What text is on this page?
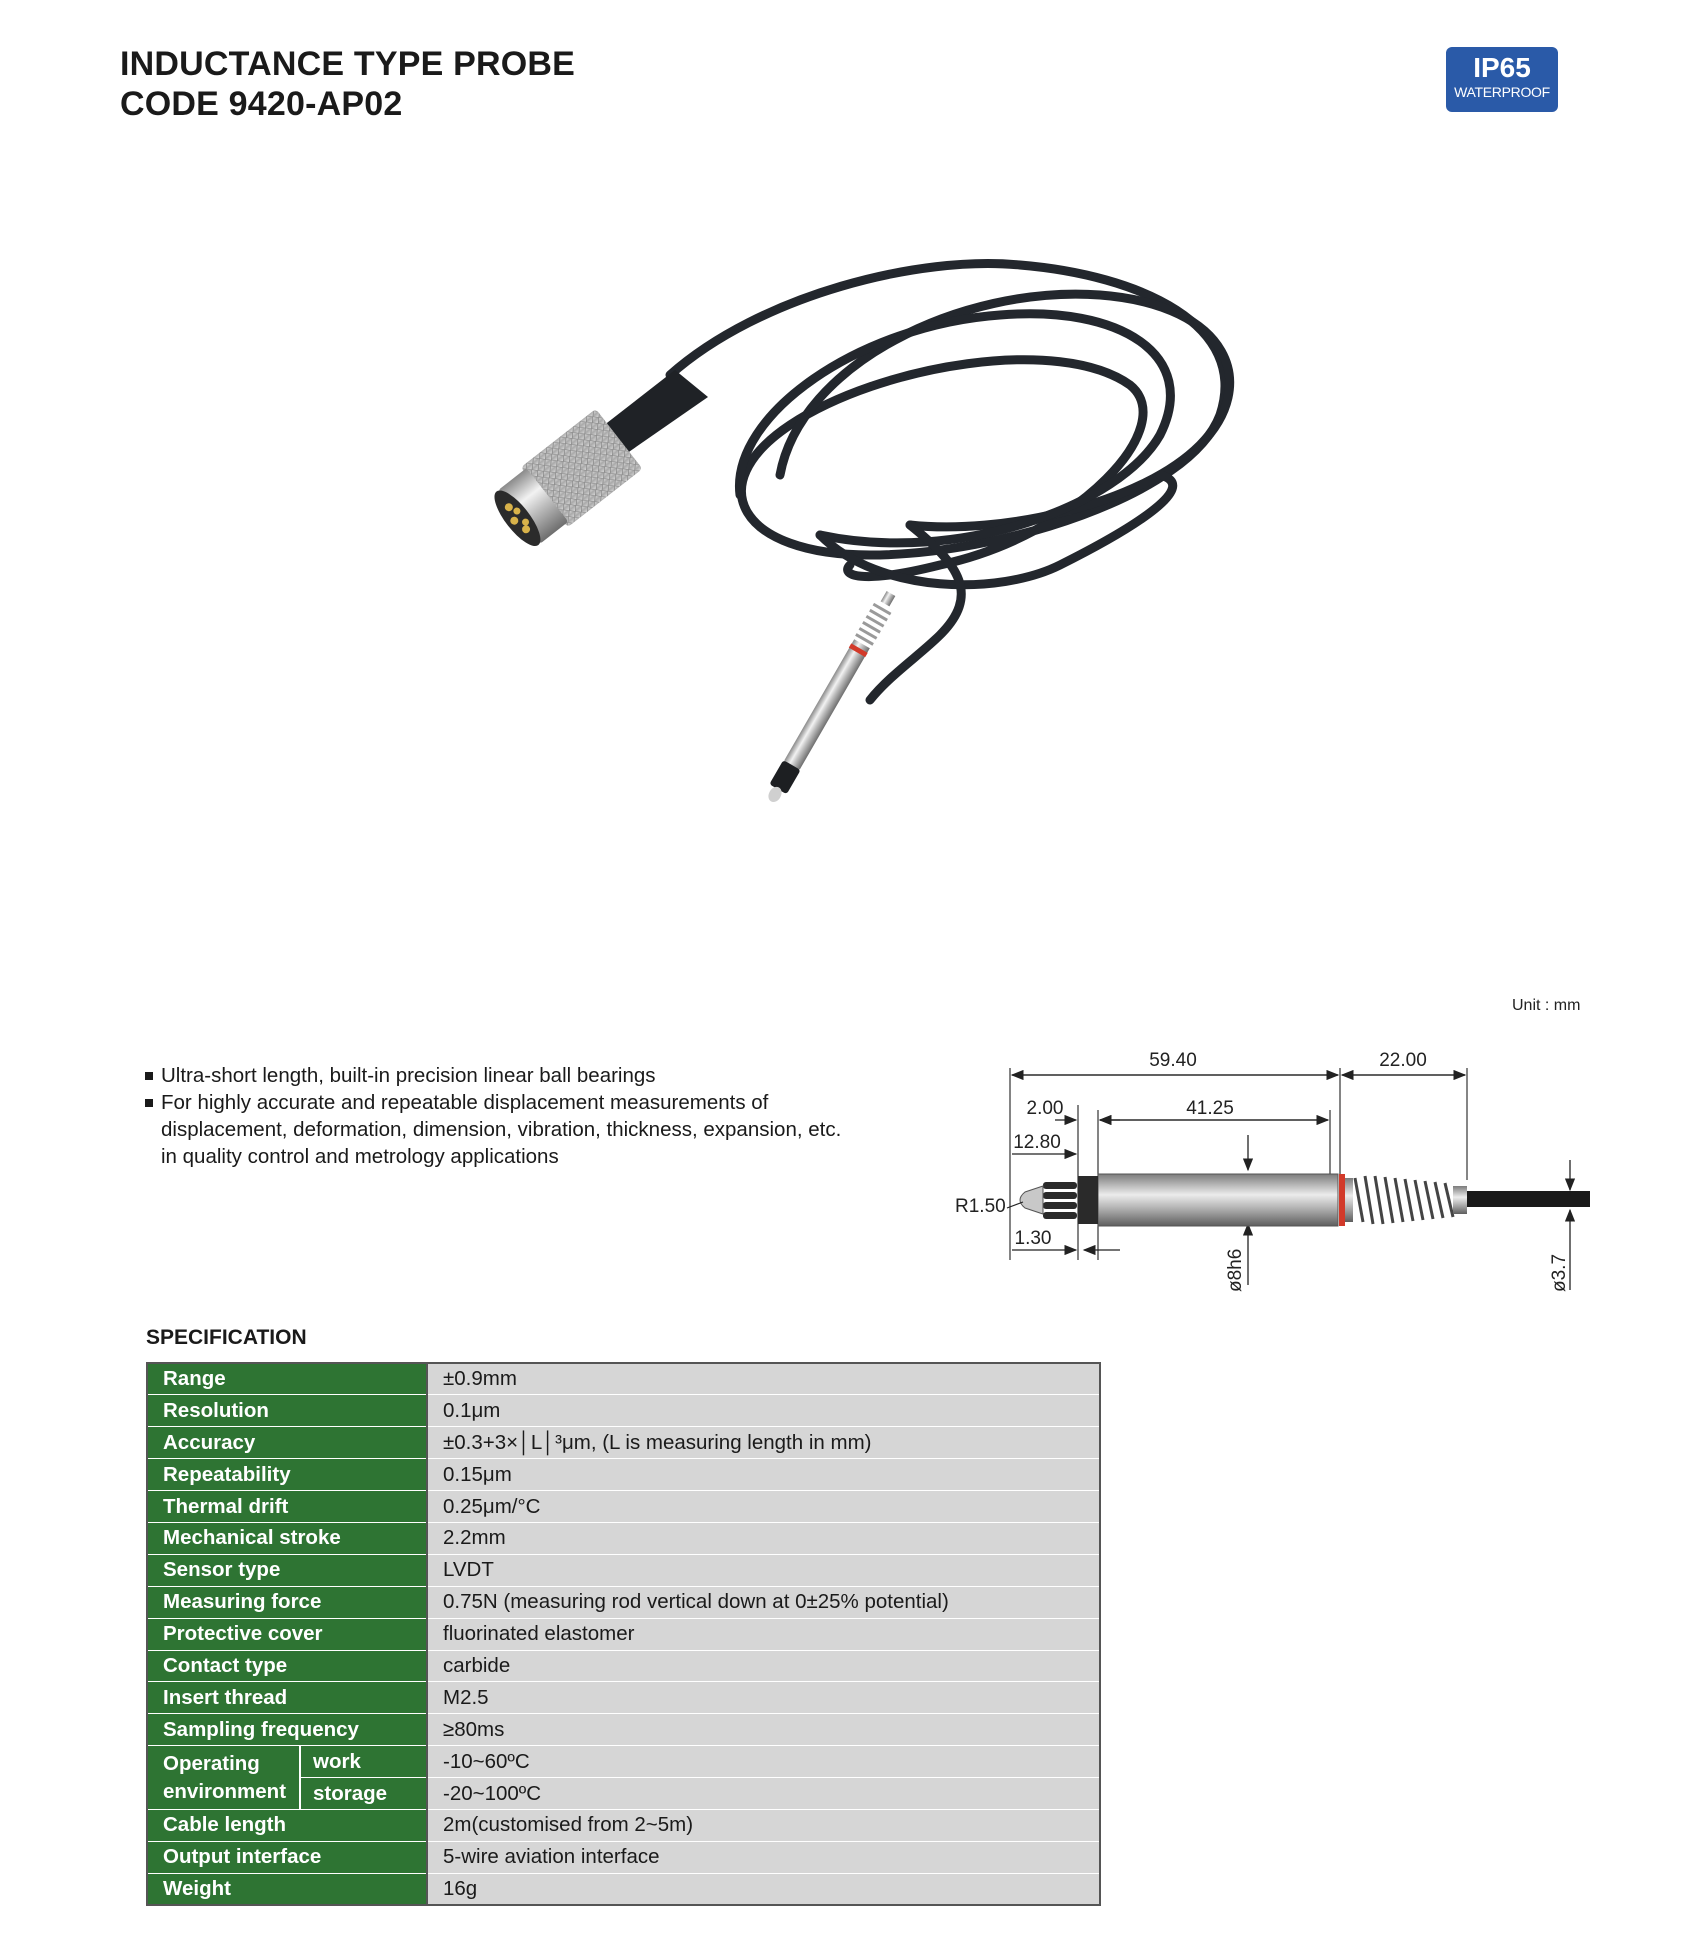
INDUCTANCE TYPE PROBE
CODE 9420-AP02
IP65
WATERPROOF
Unit : mm
Ultra-short length, built-in precision linear ball bearings
For highly accurate and repeatable displacement measurements of
displacement, deformation, dimension, vibration, thickness, expansion, etc.
in quality control and metrology applications
59.40	22.00
2.00	41.25
12.80
R1.50
1.30
ø8h6	ø3.7
SPECIFICATION
Range		±0.9mm
Resolution		0.1μm
Accuracy		±0.3+3×│L│³μm, (L is measuring length in mm)
Repeatability		0.15μm
Thermal drift		0.25μm/°C
Mechanical stroke		2.2mm
Sensor type		LVDT
Measuring force		0.75N (measuring rod vertical down at 0±25% potential)
Protective cover		fluorinated elastomer
Contact type		carbide
Insert thread		M2.5
Sampling frequency		≥80ms
Operating
environment	work	-10~60ºC
	storage	-20~100ºC
Cable length		2m(customised from 2~5m)
Output interface		5-wire aviation interface
Weight		16g
